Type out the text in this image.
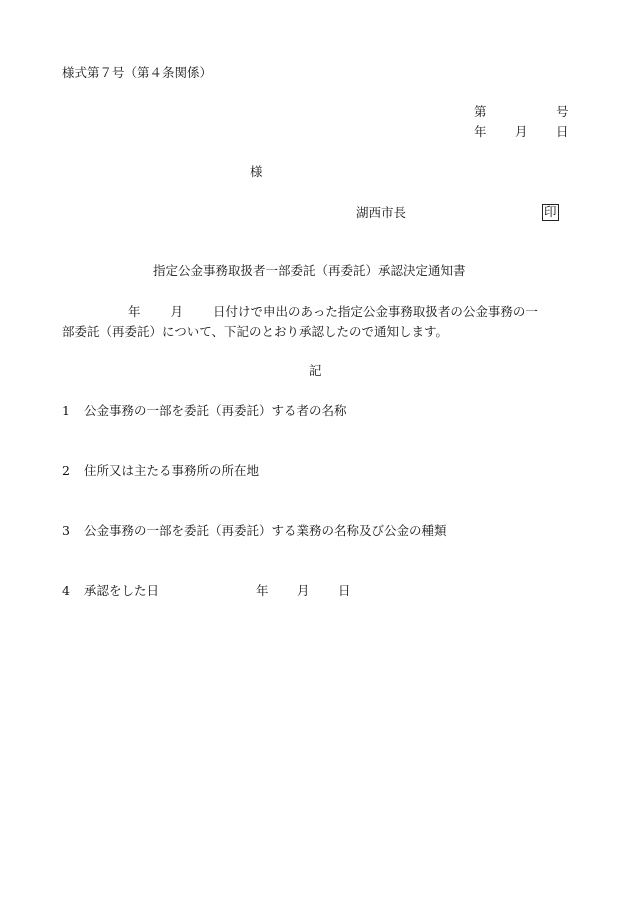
様式第７号（第４条関係）
第	号
年 月 日
様
湖西市長	印
指定公金事務取扱者一部委託（再委託）承認決定通知書
年 月 日付けで申出のあった指定公金事務取扱者の公金事務の一
部委託（再委託）について、下記のとおり承認したので通知します。
記
1 公金事務の一部を委託（再委託）する者の名称
2 住所又は主たる事務所の所在地
3 公金事務の一部を委託（再委託）する業務の名称及び公金の種類
4 承認をした日	年 月 日
